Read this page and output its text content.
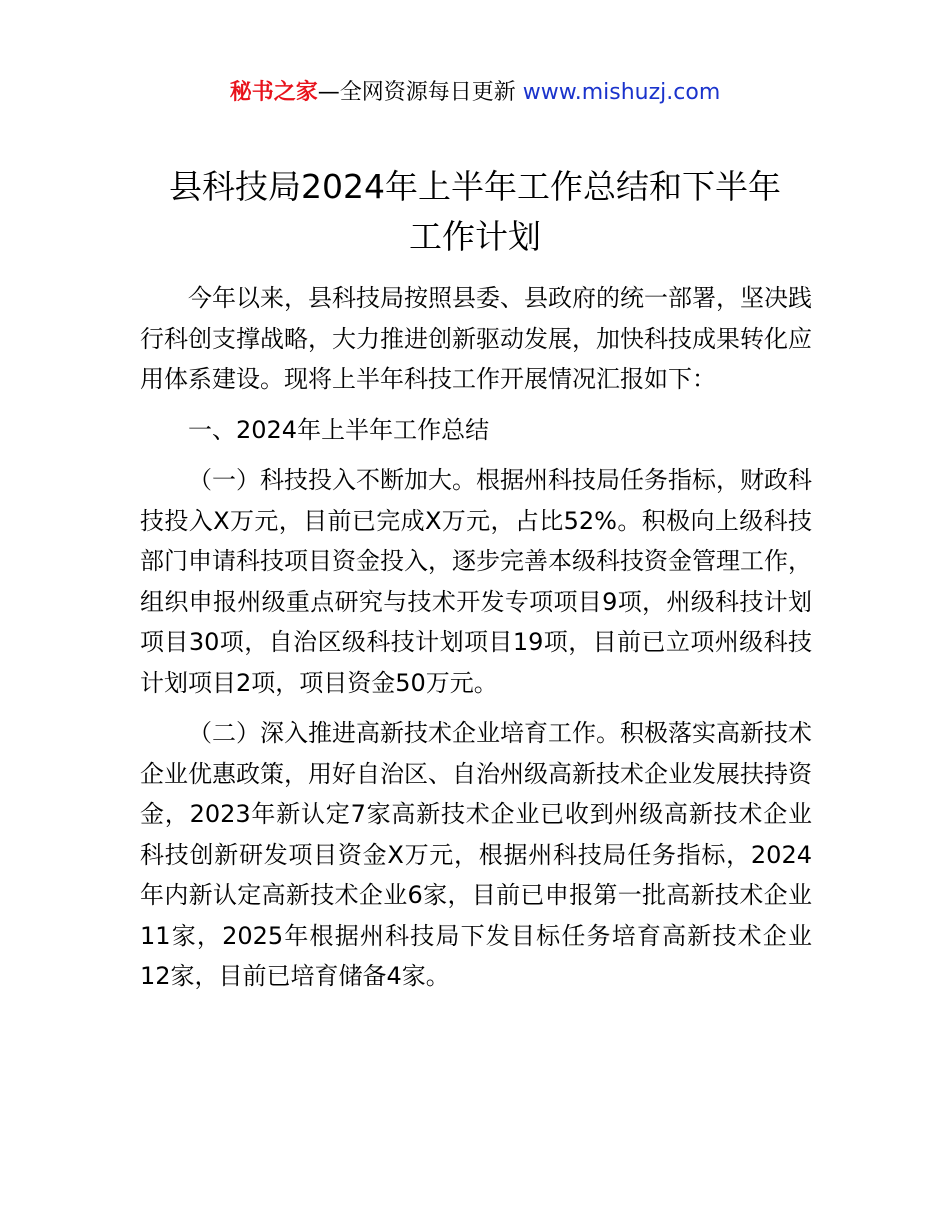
秘书之家—全网资源每日更新 www.mishuzj.com
县科技局2024年上半年工作总结和下半年
工作计划

今年以来，县科技局按照县委、县政府的统一部署，坚决践行科创支撑战略，大力推进创新驱动发展，加快科技成果转化应用体系建设。现将上半年科技工作开展情况汇报如下：

一、2024年上半年工作总结

（一）科技投入不断加大。根据州科技局任务指标，财政科技投入X万元，目前已完成X万元，占比52%。积极向上级科技部门申请科技项目资金投入，逐步完善本级科技资金管理工作，组织申报州级重点研究与技术开发专项项目9项，州级科技计划项目30项，自治区级科技计划项目19项，目前已立项州级科技计划项目2项，项目资金50万元。

（二）深入推进高新技术企业培育工作。积极落实高新技术企业优惠政策，用好自治区、自治州级高新技术企业发展扶持资金，2023年新认定7家高新技术企业已收到州级高新技术企业科技创新研发项目资金X万元，根据州科技局任务指标，2024年内新认定高新技术企业6家，目前已申报第一批高新技术企业11家，2025年根据州科技局下发目标任务培育高新技术企业12家，目前已培育储备4家。
